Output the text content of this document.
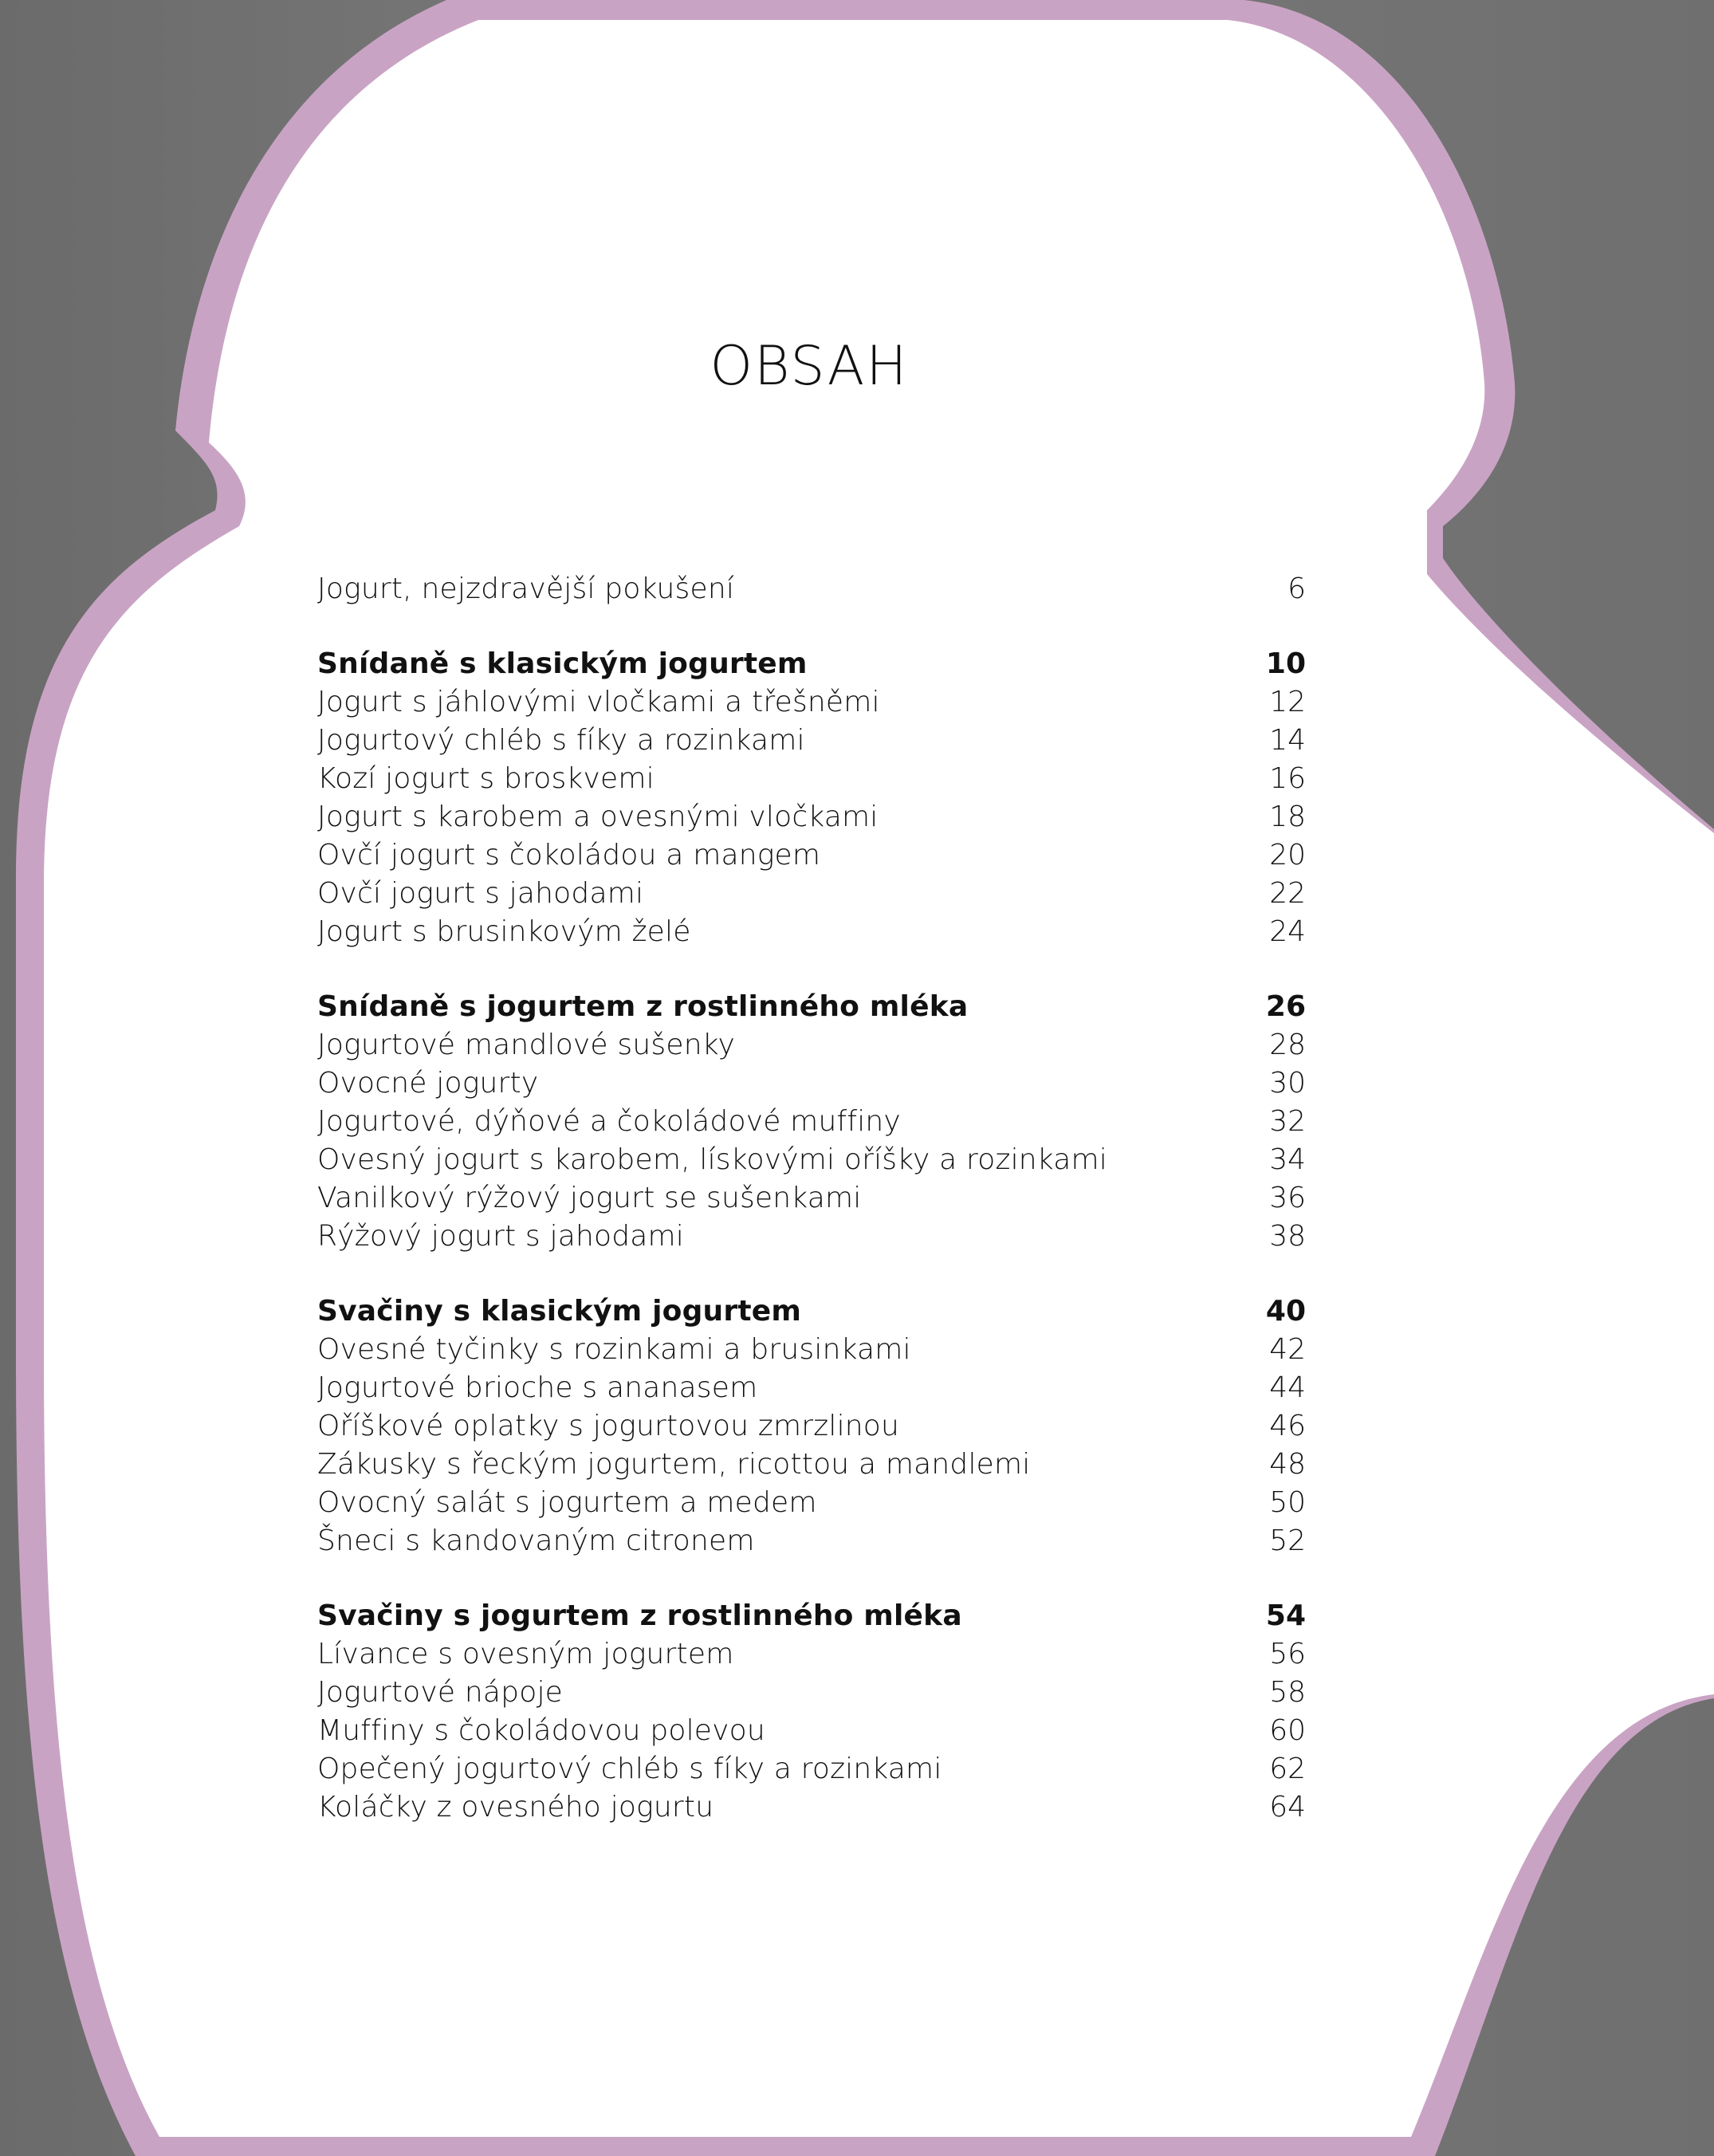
OBSAH
Jogurt, nejzdravější pokušení	6
Snídaně s klasickým jogurtem	10
Jogurt s jáhlovými vločkami a třešněmi	12
Jogurtový chléb s fíky a rozinkami	14
Kozí jogurt s broskvemi	16
Jogurt s karobem a ovesnými vločkami	18
Ovčí jogurt s čokoládou a mangem	20
Ovčí jogurt s jahodami	22
Jogurt s brusinkovým želé	24
Snídaně s jogurtem z rostlinného mléka	26
Jogurtové mandlové sušenky	28
Ovocné jogurty	30
Jogurtové, dýňové a čokoládové muffiny	32
Ovesný jogurt s karobem, lískovými oříšky a rozinkami	34
Vanilkový rýžový jogurt se sušenkami	36
Rýžový jogurt s jahodami	38
Svačiny s klasickým jogurtem	40
Ovesné tyčinky s rozinkami a brusinkami	42
Jogurtové brioche s ananasem	44
Oříškové oplatky s jogurtovou zmrzlinou	46
Zákusky s řeckým jogurtem, ricottou a mandlemi	48
Ovocný salát s jogurtem a medem	50
Šneci s kandovaným citronem	52
Svačiny s jogurtem z rostlinného mléka	54
Lívance s ovesným jogurtem	56
Jogurtové nápoje	58
Muffiny s čokoládovou polevou	60
Opečený jogurtový chléb s fíky a rozinkami	62
Koláčky z ovesného jogurtu	64
